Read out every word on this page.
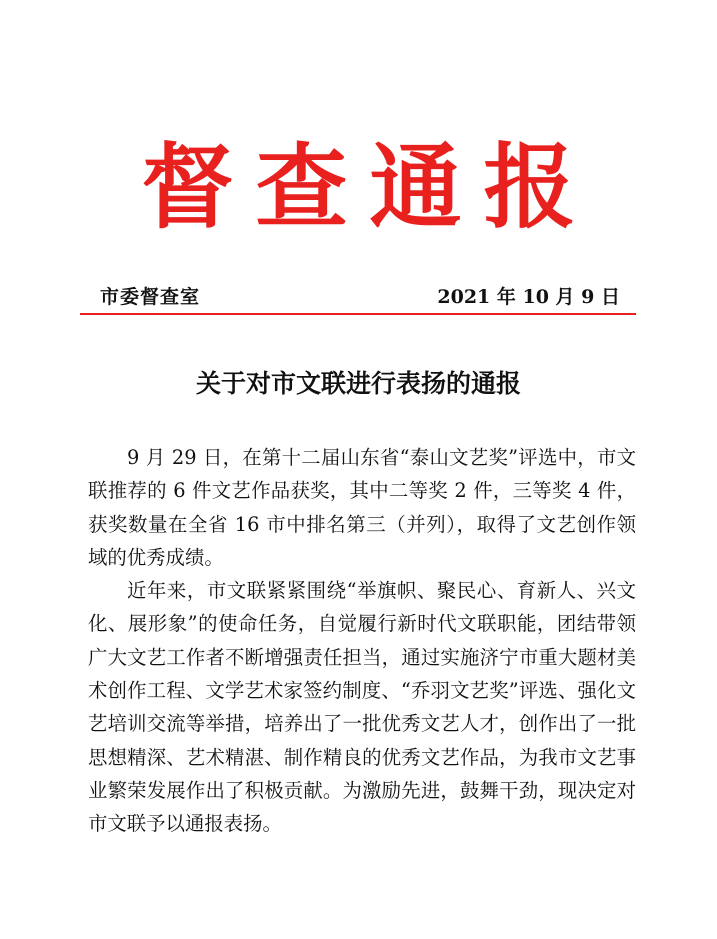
督查通报
市委督查室	2021 年 10 月 9 日
关于对市文联进行表扬的通报

9 月 29 日，在第十二届山东省“泰山文艺奖”评选中，市文联推荐的 6 件文艺作品获奖，其中二等奖 2 件，三等奖 4 件，获奖数量在全省 16 市中排名第三（并列），取得了文艺创作领域的优秀成绩。

近年来，市文联紧紧围绕“举旗帜、聚民心、育新人、兴文化、展形象”的使命任务，自觉履行新时代文联职能，团结带领广大文艺工作者不断增强责任担当，通过实施济宁市重大题材美术创作工程、文学艺术家签约制度、“乔羽文艺奖”评选、强化文艺培训交流等举措，培养出了一批优秀文艺人才，创作出了一批思想精深、艺术精湛、制作精良的优秀文艺作品，为我市文艺事业繁荣发展作出了积极贡献。为激励先进，鼓舞干劲，现决定对市文联予以通报表扬。
